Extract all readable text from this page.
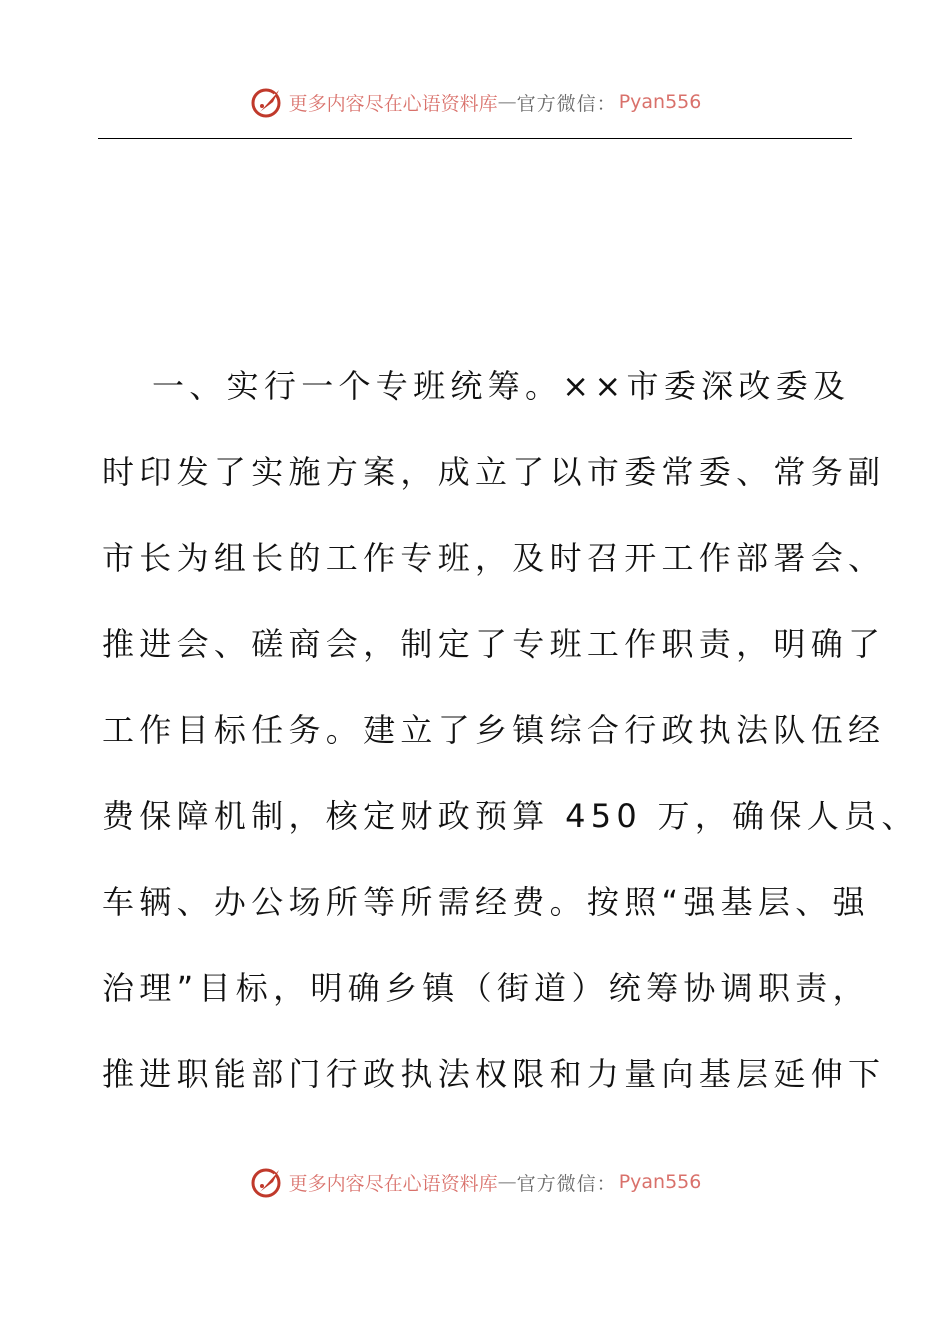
更多内容尽在心语资料库 — 官方微信： Pyan556
一、实行一个专班统筹。××市委深改委及
时印发了实施方案，成立了以市委常委、常务副
市长为组长的工作专班，及时召开工作部署会、
推进会、磋商会，制定了专班工作职责，明确了
工作目标任务。建立了乡镇综合行政执法队伍经
费保障机制，核定财政预算 450 万，确保人员、
车辆、办公场所等所需经费。按照“强基层、强
治理”目标，明确乡镇（街道）统筹协调职责，
推进职能部门行政执法权限和力量向基层延伸下
更多内容尽在心语资料库 — 官方微信： Pyan556
